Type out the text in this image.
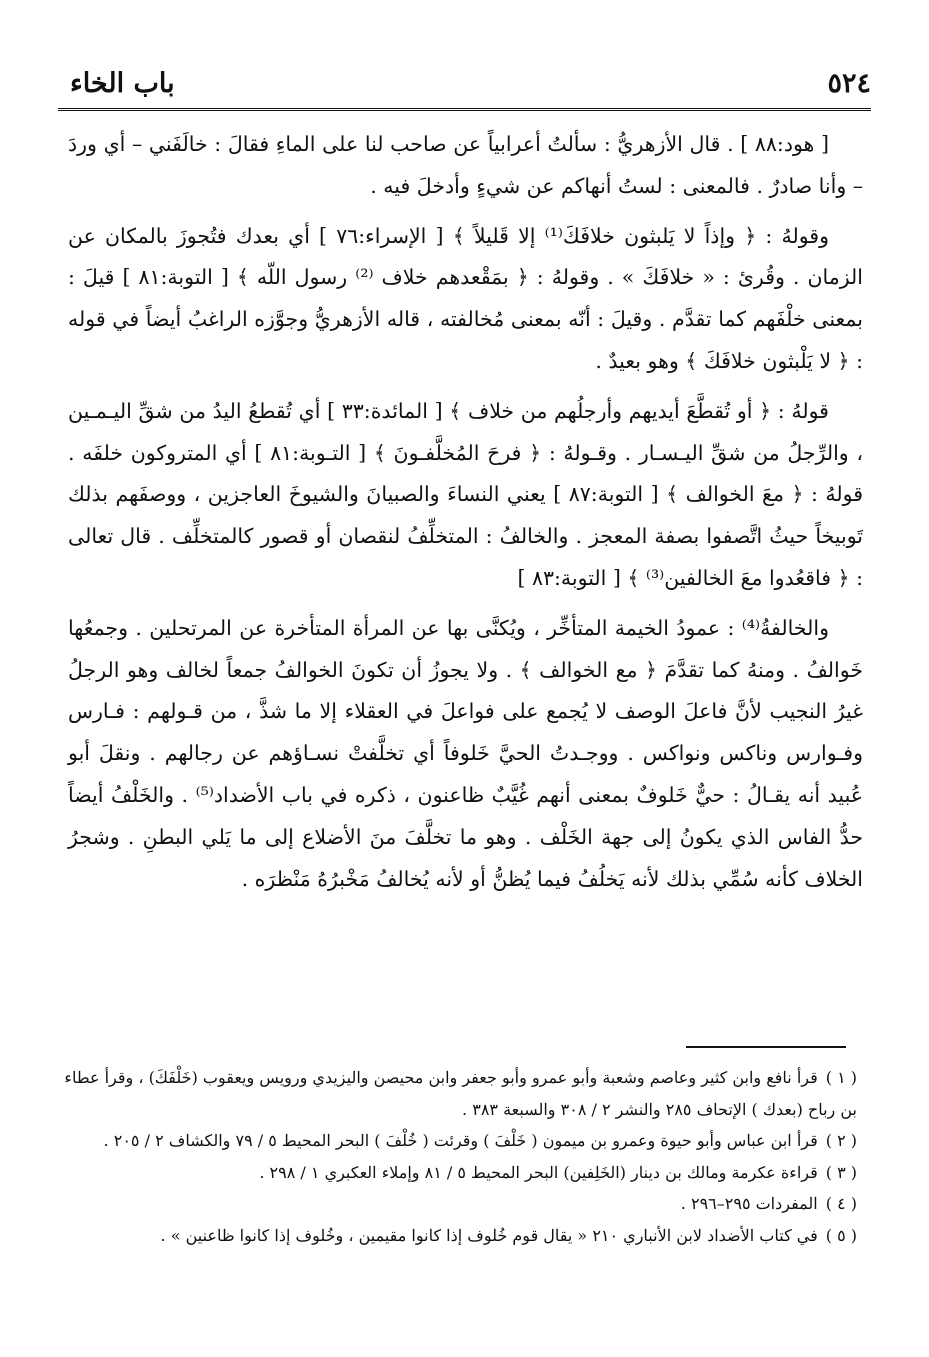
٥٢٤
باب الخاء

[ هود:٨٨ ] . قال الأزهريُّ : سألتُ أعرابياً عن صاحب لنا على الماءِ فقالَ : خالَفَني – أي وردَ – وأنا صادرٌ . فالمعنى : لستُ أنهاكم عن شيءٍ وأدخلَ فيه .

وقولهُ : ﴿ وإذاً لا يَلبثون خلافَكَ⁽¹⁾ إلا قَليلاً ﴾ [ الإسراء:٧٦ ] أي بعدك فتُجوزَ بالمكان عن الزمان . وقُرئ : « خلافَكَ » . وقولهُ : ﴿ بمَقْعدهم خلاف ⁽²⁾ رسول اللّه ﴾ [ التوبة:٨١ ] قيلَ : بمعنى خلْفَهم كما تقدَّم . وقيلَ : أنّه بمعنى مُخالفته ، قاله الأزهريُّ وجوَّزه الراغبُ أيضاً في قوله : ﴿ لا يَلْبثون خلافَكَ ﴾ وهو بعيدٌ .

قولهُ : ﴿ أو تُقطَّعَ أيديهم وأرجلُهم من خلاف ﴾ [ المائدة:٣٣ ] أي تُقطعُ اليدُ من شقِّ اليـمـين ، والرِّجلُ من شقِّ اليـسـار . وقـولهُ : ﴿ فرحَ المُخلَّفـونَ ﴾ [ التـوبة:٨١ ] أي المتروكون خلفَه . قولهُ : ﴿ معَ الخوالف ﴾ [ التوبة:٨٧ ] يعني النساءَ والصبيانَ والشيوخَ العاجزين ، ووصفَهم بذلك تَوبيخاً حيثُ اتَّصفوا بصفة المعجز . والخالفُ : المتخلِّفُ لنقصان أو قصور كالمتخلِّف . قال تعالى : ﴿ فاقعُدوا معَ الخالفين⁽³⁾ ﴾ [ التوبة:٨٣ ]

والخالفةُ⁽⁴⁾ : عمودُ الخيمة المتأخِّر ، ويُكنَّى بها عن المرأة المتأخرة عن المرتحلين . وجمعُها خَوالفُ . ومنهُ كما تقدَّمَ ﴿ مع الخوالف ﴾ . ولا يجوزُ أن تكونَ الخوالفُ جمعاً لخالف وهو الرجلُ غيرُ النجيب لأنَّ فاعلَ الوصف لا يُجمع على فواعلَ في العقلاء إلا ما شذَّ ، من قـولهم : فـارس وفـوارس وناكس ونواكس . ووجـدتُ الحيَّ خَلوفاً أي تخلَّفتْ نسـاؤهم عن رجالهم . ونقلَ أبو عُبيد أنه يقـالُ : حيٌّ خَلوفٌ بمعنى أنهم غُيَّبٌ ظاعنون ، ذكره في باب الأضداد⁽⁵⁾ . والخَلْفُ أيضاً حدُّ الفاس الذي يكونُ إلى جهة الخَلْف . وهو ما تخلَّفَ منَ الأضلاع إلى ما يَلي البطنِ . وشجرُ الخلاف كأنه سُمِّي بذلك لأنه يَخلُفُ فيما يُظنُّ أو لأنه يُخالفُ مَخْبرُهُ مَنْظرَه .

( ١ )قرأ نافع وابن كثير وعاصم وشعبة وأبو عمرو وأبو جعفر وابن محيصن واليزيدي ورويس ويعقوب (خَلْفَكَ) ، وقرأ عطاء بن رباح (بعدك ) الإتحاف ٢٨٥ والنشر ٢ / ٣٠٨ والسبعة ٣٨٣ .

( ٢ )قرأ ابن عباس وأبو حيوة وعمرو بن ميمون ( خَلْفَ ) وقرئت ( خُلْفَ ) البحر المحيط ٥ / ٧٩ والكشاف ٢ / ٢٠٥ .

( ٣ )قراءة عكرمة ومالك بن دينار (الخَلِفين) البحر المحيط ٥ / ٨١ وإملاء العكبري ١ / ٢٩٨ .

( ٤ )المفردات ٢٩٥–٢٩٦ .

( ٥ )في كتاب الأضداد لابن الأنباري ٢١٠ « يقال قوم خُلوف إذا كانوا مقيمين ، وخُلوف إذا كانوا ظاعنين » .
